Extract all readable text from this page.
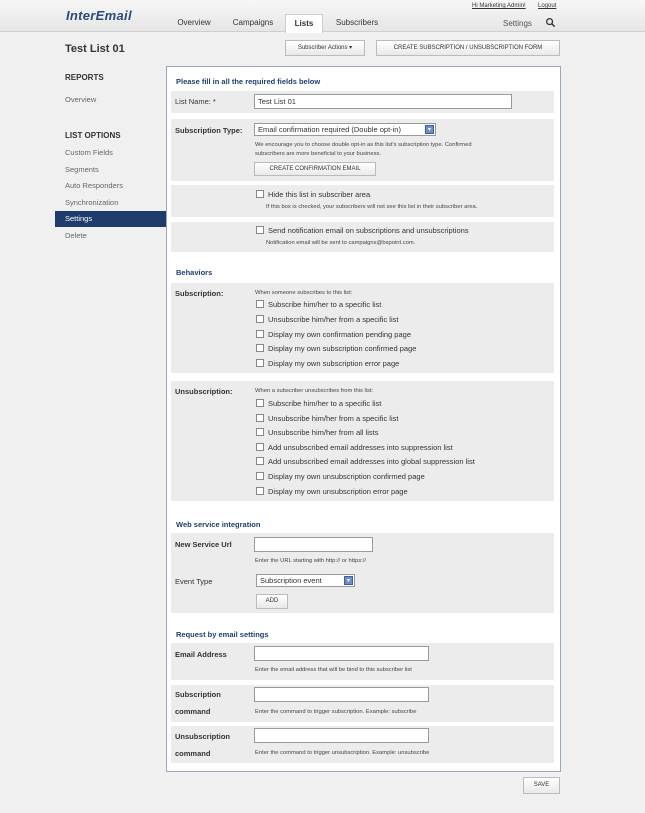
InterEmail
Hi Marketing Admin! Logout
Overview	Campaigns	Lists	Subscribers	Settings
Test List 01	Subscriber Actions ▾	CREATE SUBSCRIPTION / UNSUBSCRIPTION FORM
REPORTS
Overview
LIST OPTIONS
Custom Fields
Segments
Auto Responders
Synchronization
Settings
Delete
Please fill in all the required fields below
List Name: *	Test List 01
Subscription Type:	Email confirmation required (Double opt-in)	▾
We encourage you to choose double opt-in as this list's subscription type. Confirmed
subscribers are more beneficial to your business.
CREATE CONFIRMATION EMAIL
Hide this list in subscriber area
If this box is checked, your subscribers will not see this list in their subscriber area.
Send notification email on subscriptions and unsubscriptions
Notification email will be sent to campaigns@bspoint.com.
Behaviors
Subscription:	When someone subscribes to this list:
Subscribe him/her to a specific list
Unsubscribe him/her from a specific list
Display my own confirmation pending page
Display my own subscription confirmed page
Display my own subscription error page
Unsubscription:	When a subscriber unsubscribes from this list:
Subscribe him/her to a specific list
Unsubscribe him/her from a specific list
Unsubscribe him/her from all lists
Add unsubscribed email addresses into suppression list
Add unsubscribed email addresses into global suppression list
Display my own unsubscription confirmed page
Display my own unsubscription error page
Web service integration
New Service Url
Enter the URL starting with http:// or https://
Event Type	Subscription event	▾
ADD
Request by email settings
Email Address
Enter the email address that will be bind to this subscriber list
Subscription
command	Enter the command to trigger subscription. Example: subscribe
Unsubscription
command	Enter the command to trigger unsubscription. Example: unsubscribe
SAVE
